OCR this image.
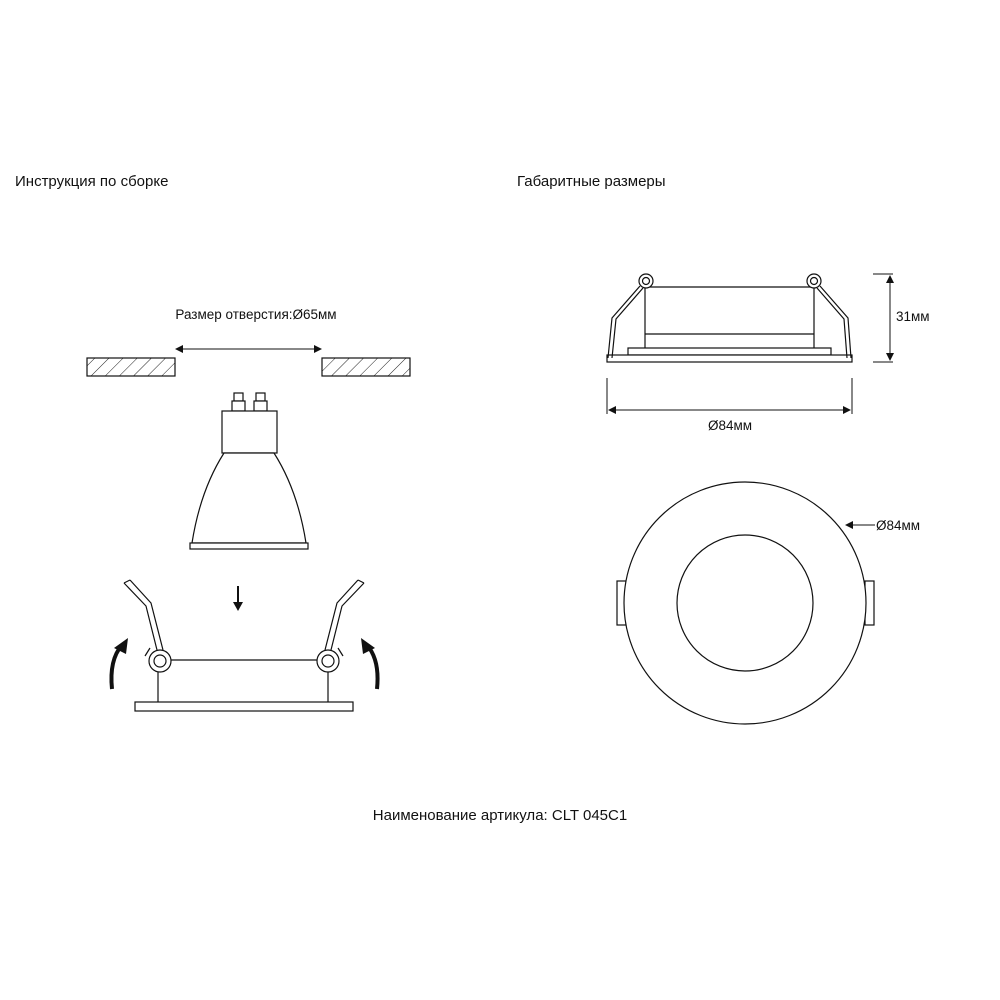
Инструкция по сборке	Габаритные размеры
Размер отверстия:Ø65мм	31мм
Ø84мм
Ø84мм
Наименование артикула: CLT 045C1
